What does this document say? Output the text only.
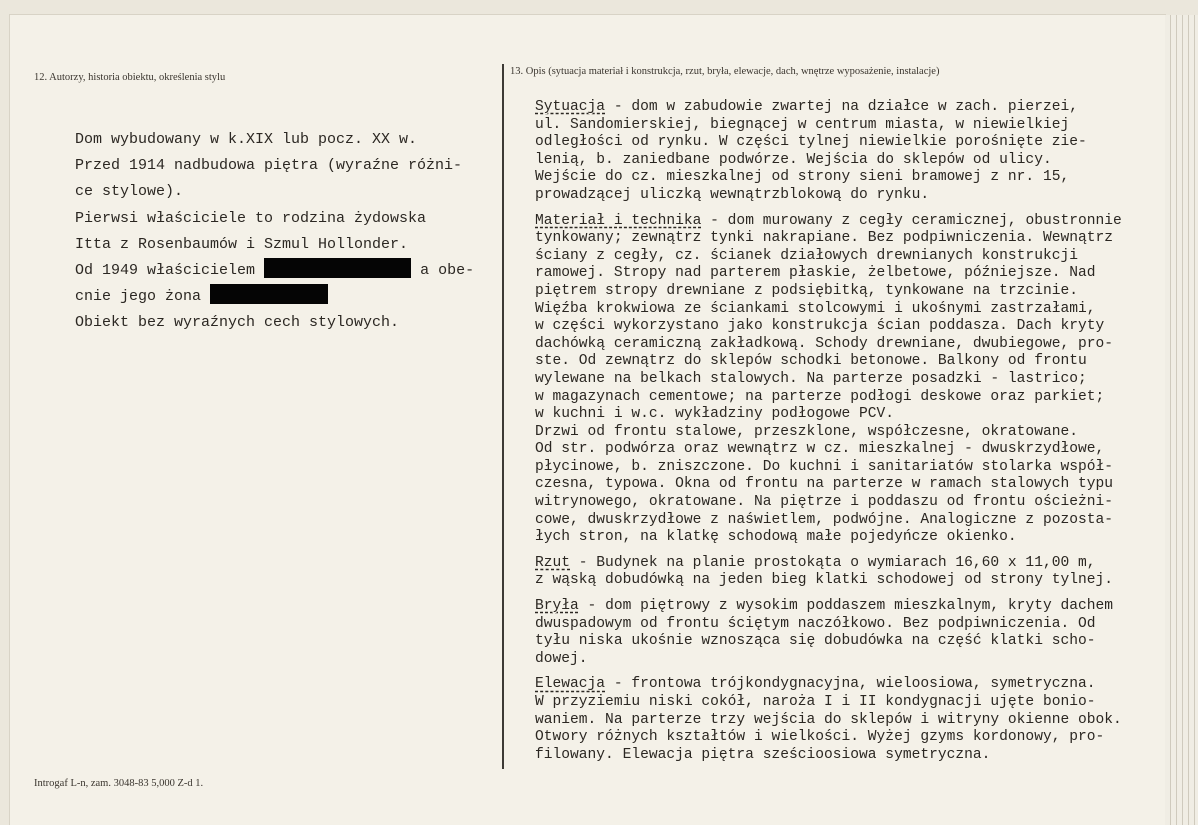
12. Autorzy, historia obiektu, określenia stylu
13. Opis (sytuacja materiał i konstrukcja, rzut, bryła, elewacje, dach, wnętrze wyposażenie, instalacje)
Dom wybudowany w k.XIX lub pocz. XX w.
Przed 1914 nadbudowa piętra (wyraźne różni-
ce stylowe).
Pierwsi właściciele to rodzina żydowska
Itta z Rosenbaumów i Szmul Hollonder.
Od 1949 właścicielem	a obe-
cnie jego żona
Obiekt bez wyraźnych cech stylowych.
Sytuacja - dom w zabudowie zwartej na działce w zach. pierzei,
ul. Sandomierskiej, biegnącej w centrum miasta, w niewielkiej
odległości od rynku. W części tylnej niewielkie porośnięte zie-
lenią, b. zaniedbane podwórze. Wejścia do sklepów od ulicy.
Wejście do cz. mieszkalnej od strony sieni bramowej z nr. 15,
prowadzącej uliczką wewnątrzblokową do rynku.
Materiał i technika - dom murowany z cegły ceramicznej, obustronnie
tynkowany; zewnątrz tynki nakrapiane. Bez podpiwniczenia. Wewnątrz
ściany z cegły, cz. ścianek działowych drewnianych konstrukcji
ramowej. Stropy nad parterem płaskie, żelbetowe, późniejsze. Nad
piętrem stropy drewniane z podsiębitką, tynkowane na trzcinie.
Więźba krokwiowa ze ściankami stolcowymi i ukośnymi zastrzałami,
w części wykorzystano jako konstrukcja ścian poddasza. Dach kryty
dachówką ceramiczną zakładkową. Schody drewniane, dwubiegowe, pro-
ste. Od zewnątrz do sklepów schodki betonowe. Balkony od frontu
wylewane na belkach stalowych. Na parterze posadzki - lastrico;
w magazynach cementowe; na parterze podłogi deskowe oraz parkiet;
w kuchni i w.c. wykładziny podłogowe PCV.
Drzwi od frontu stalowe, przeszklone, współczesne, okratowane.
Od str. podwórza oraz wewnątrz w cz. mieszkalnej - dwuskrzydłowe,
płycinowe, b. zniszczone. Do kuchni i sanitariatów stolarka współ-
czesna, typowa. Okna od frontu na parterze w ramach stalowych typu
witrynowego, okratowane. Na piętrze i poddaszu od frontu ościeżni-
cowe, dwuskrzydłowe z naświetlem, podwójne. Analogiczne z pozosta-
łych stron, na klatkę schodową małe pojedyńcze okienko.
Rzut - Budynek na planie prostokąta o wymiarach 16,60 x 11,00 m,
z wąską dobudówką na jeden bieg klatki schodowej od strony tylnej.
Bryła - dom piętrowy z wysokim poddaszem mieszkalnym, kryty dachem
dwuspadowym od frontu ściętym naczółkowo. Bez podpiwniczenia. Od
tyłu niska ukośnie wznosząca się dobudówka na część klatki scho-
dowej.
Elewacja - frontowa trójkondygnacyjna, wieloosiowa, symetryczna.
W przyziemiu niski cokół, naroża I i II kondygnacji ujęte bonio-
waniem. Na parterze trzy wejścia do sklepów i witryny okienne obok.
Otwory różnych kształtów i wielkości. Wyżej gzyms kordonowy, pro-
filowany. Elewacja piętra sześcioosiowa symetryczna.
Introgaf L-n, zam. 3048-83 5,000 Z-d 1.
